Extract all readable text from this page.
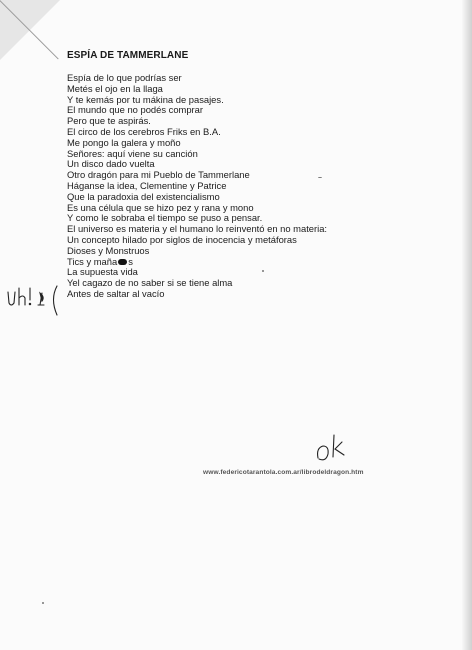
ESPÍA DE TAMMERLANE
Espía de lo que podrías ser
Metés el ojo en la llaga
Y te kemás por tu mákina de pasajes.
El mundo que no podés comprar
Pero que te aspirás.
El circo de los cerebros Friks en B.A.
Me pongo la galera y moño
Señores: aquí viene su canción
Un disco dado vuelta
Otro dragón para mi Pueblo de Tammerlane
Háganse la idea, Clementine y Patrice
Que la paradoxia del existencialismo
Es una célula que se hizo pez y rana y mono
Y como le sobraba el tiempo se puso a pensar.
El universo es materia y el humano lo reinventó en no materia:
Un concepto hilado por siglos de inocencia y metáforas
Dioses y Monstruos
Tics y maña s
La supuesta vida
Yel cagazo de no saber si se tiene alma
Antes de saltar al vacío
www.federicotarantola.com.ar/librodeldragon.htm
